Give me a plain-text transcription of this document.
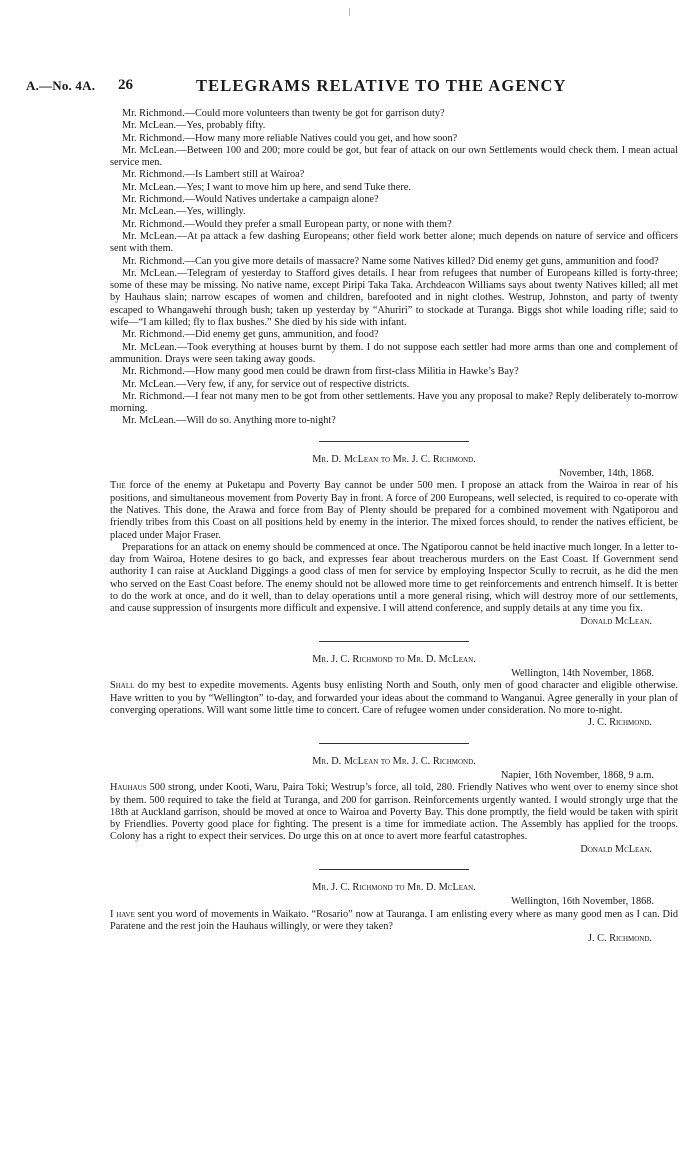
A.—No. 4A. 26	TELEGRAMS RELATIVE TO THE AGENCY

Mr. Richmond.—Could more volunteers than twenty be got for garrison duty?

Mr. McLean.—Yes, probably fifty.

Mr. Richmond.—How many more reliable Natives could you get, and how soon?

Mr. McLean.—Between 100 and 200; more could be got, but fear of attack on our own Settlements would check them. I mean actual service men.

Mr. Richmond.—Is Lambert still at Wairoa?

Mr. McLean.—Yes; I want to move him up here, and send Tuke there.

Mr. Richmond.—Would Natives undertake a campaign alone?

Mr. McLean.—Yes, willingly.

Mr. Richmond.—Would they prefer a small European party, or none with them?

Mr. McLean.—At pa attack a few dashing Europeans; other field work better alone; much depends on nature of service and officers sent with them.

Mr. Richmond.—Can you give more details of massacre? Name some Natives killed? Did enemy get guns, ammunition and food?

Mr. McLean.—Telegram of yesterday to Stafford gives details. I hear from refugees that number of Europeans killed is forty-three; some of these may be missing. No native name, except Piripi Taka Taka. Archdeacon Williams says about twenty Natives killed; all met by Hauhaus slain; narrow escapes of women and children, barefooted and in night clothes. Westrup, Johnston, and party of twenty escaped to Whangawehi through bush; taken up yesterday by “Ahuriri” to stockade at Turanga. Biggs shot while loading rifle; said to wife—“I am killed; fly to flax bushes.” She died by his side with infant.

Mr. Richmond.—Did enemy get guns, ammunition, and food?

Mr. McLean.—Took everything at houses burnt by them. I do not suppose each settler had more arms than one and complement of ammunition. Drays were seen taking away goods.

Mr. Richmond.—How many good men could be drawn from first-class Militia in Hawke’s Bay?

Mr. McLean.—Very few, if any, for service out of respective districts.

Mr. Richmond.—I fear not many men to be got from other settlements. Have you any proposal to make? Reply deliberately to-morrow morning.

Mr. McLean.—Will do so. Anything more to-night?

Mr. D. McLean to Mr. J. C. Richmond.
November, 14th, 1868.

The force of the enemy at Puketapu and Poverty Bay cannot be under 500 men. I propose an attack from the Wairoa in rear of his positions, and simultaneous movement from Poverty Bay in front. A force of 200 Europeans, well selected, is required to co-operate with the Natives. This done, the Arawa and force from Bay of Plenty should be prepared for a combined movement with Ngatiporou and friendly tribes from this Coast on all positions held by enemy in the interior. The mixed forces should, to render the natives efficient, be placed under Major Fraser.

Preparations for an attack on enemy should be commenced at once. The Ngatiporou cannot be held inactive much longer. In a letter to-day from Wairoa, Hotene desires to go back, and expresses fear about treacherous murders on the East Coast. If Government send authority I can raise at Auckland Diggings a good class of men for service by employing Inspector Scully to recruit, as he did the men who served on the East Coast before. The enemy should not be allowed more time to get reinforcements and entrench himself. It is better to do the work at once, and do it well, than to delay operations until a more general rising, which will destroy more of our settlements, and cause suppression of insurgents more difficult and expensive. I will attend conference, and supply details at any time you fix.

Donald McLean.
Mr. J. C. Richmond to Mr. D. McLean.
Wellington, 14th November, 1868.

Shall do my best to expedite movements. Agents busy enlisting North and South, only men of good character and eligible otherwise. Have written to you by “Wellington” to-day, and forwarded your ideas about the command to Wanganui. Agree generally in your plan of converging operations. Will want some little time to concert. Care of refugee women under consideration. No more to-night.

J. C. Richmond.
Mr. D. McLean to Mr. J. C. Richmond.
Napier, 16th November, 1868, 9 a.m.

Hauhaus 500 strong, under Kooti, Waru, Paira Toki; Westrup’s force, all told, 280. Friendly Natives who went over to enemy since shot by them. 500 required to take the field at Turanga, and 200 for garrison. Reinforcements urgently wanted. I would strongly urge that the 18th at Auckland garrison, should be moved at once to Wairoa and Poverty Bay. This done promptly, the field would be taken with spirit by Friendlies. Poverty good place for fighting. The present is a time for immediate action. The Assembly has applied for the troops. Colony has a right to expect their services. Do urge this on at once to avert more fearful catastrophes.

Donald McLean.
Mr. J. C. Richmond to Mr. D. McLean.
Wellington, 16th November, 1868.

I have sent you word of movements in Waikato. “Rosario” now at Tauranga. I am enlisting every where as many good men as I can. Did Paratene and the rest join the Hauhaus willingly, or were they taken?

J. C. Richmond.
